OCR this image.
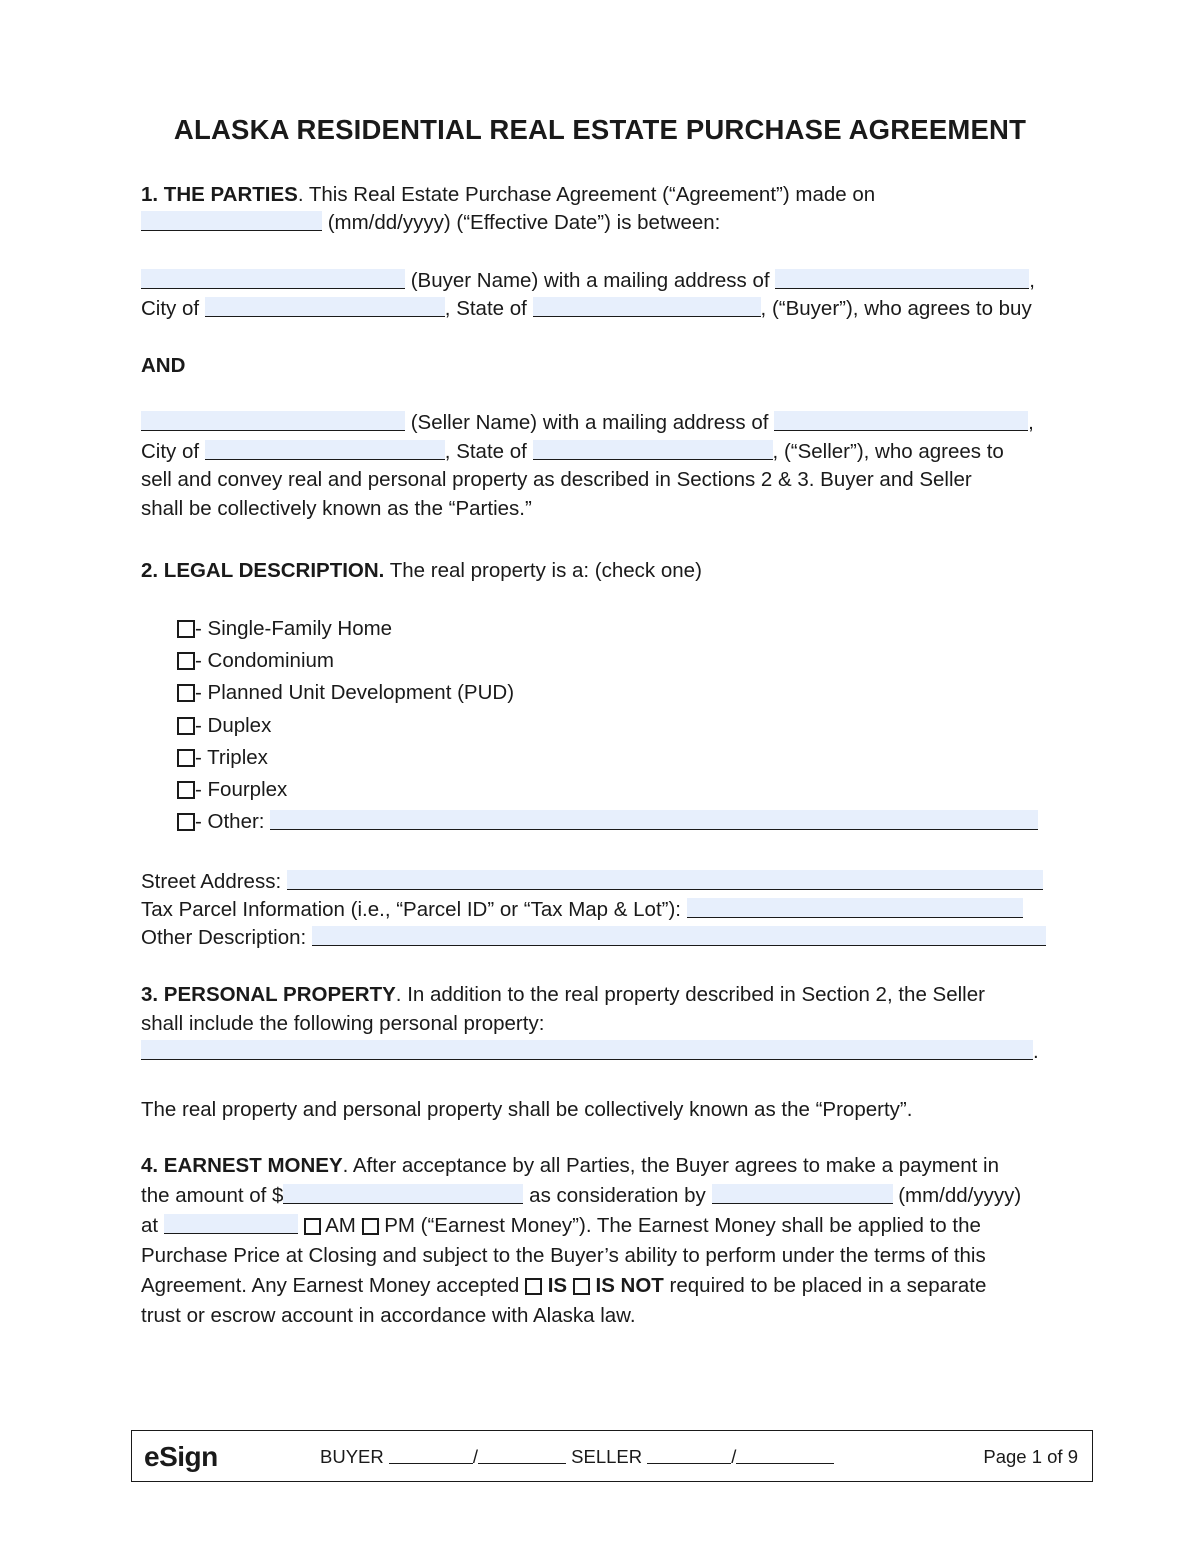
ALASKA RESIDENTIAL REAL ESTATE PURCHASE AGREEMENT
1. THE PARTIES. This Real Estate Purchase Agreement (“Agreement”) made on
(mm/dd/yyyy) (“Effective Date”) is between:
(Buyer Name) with a mailing address of	,
City of	, State of	, (“Buyer”), who agrees to buy
AND
(Seller Name) with a mailing address of	,
City of	, State of	, (“Seller”), who agrees to
sell and convey real and personal property as described in Sections 2 & 3. Buyer and Seller
shall be collectively known as the “Parties.”
2. LEGAL DESCRIPTION. The real property is a: (check one)
- Single-Family Home
- Condominium
- Planned Unit Development (PUD)
- Duplex
- Triplex
- Fourplex
- Other:
Street Address:
Tax Parcel Information (i.e., “Parcel ID” or “Tax Map & Lot”):
Other Description:
3. PERSONAL PROPERTY. In addition to the real property described in Section 2, the Seller
shall include the following personal property:
.
The real property and personal property shall be collectively known as the “Property”.
4. EARNEST MONEY. After acceptance by all Parties, the Buyer agrees to make a payment in
the amount of $	as consideration by	(mm/dd/yyyy)
at	AM  PM (“Earnest Money”). The Earnest Money shall be applied to the
Purchase Price at Closing and subject to the Buyer’s ability to perform under the terms of this
Agreement. Any Earnest Money accepted  IS  IS NOT required to be placed in a separate
trust or escrow account in accordance with Alaska law.
eSign	BUYER	/	SELLER	/	Page 1 of 9
